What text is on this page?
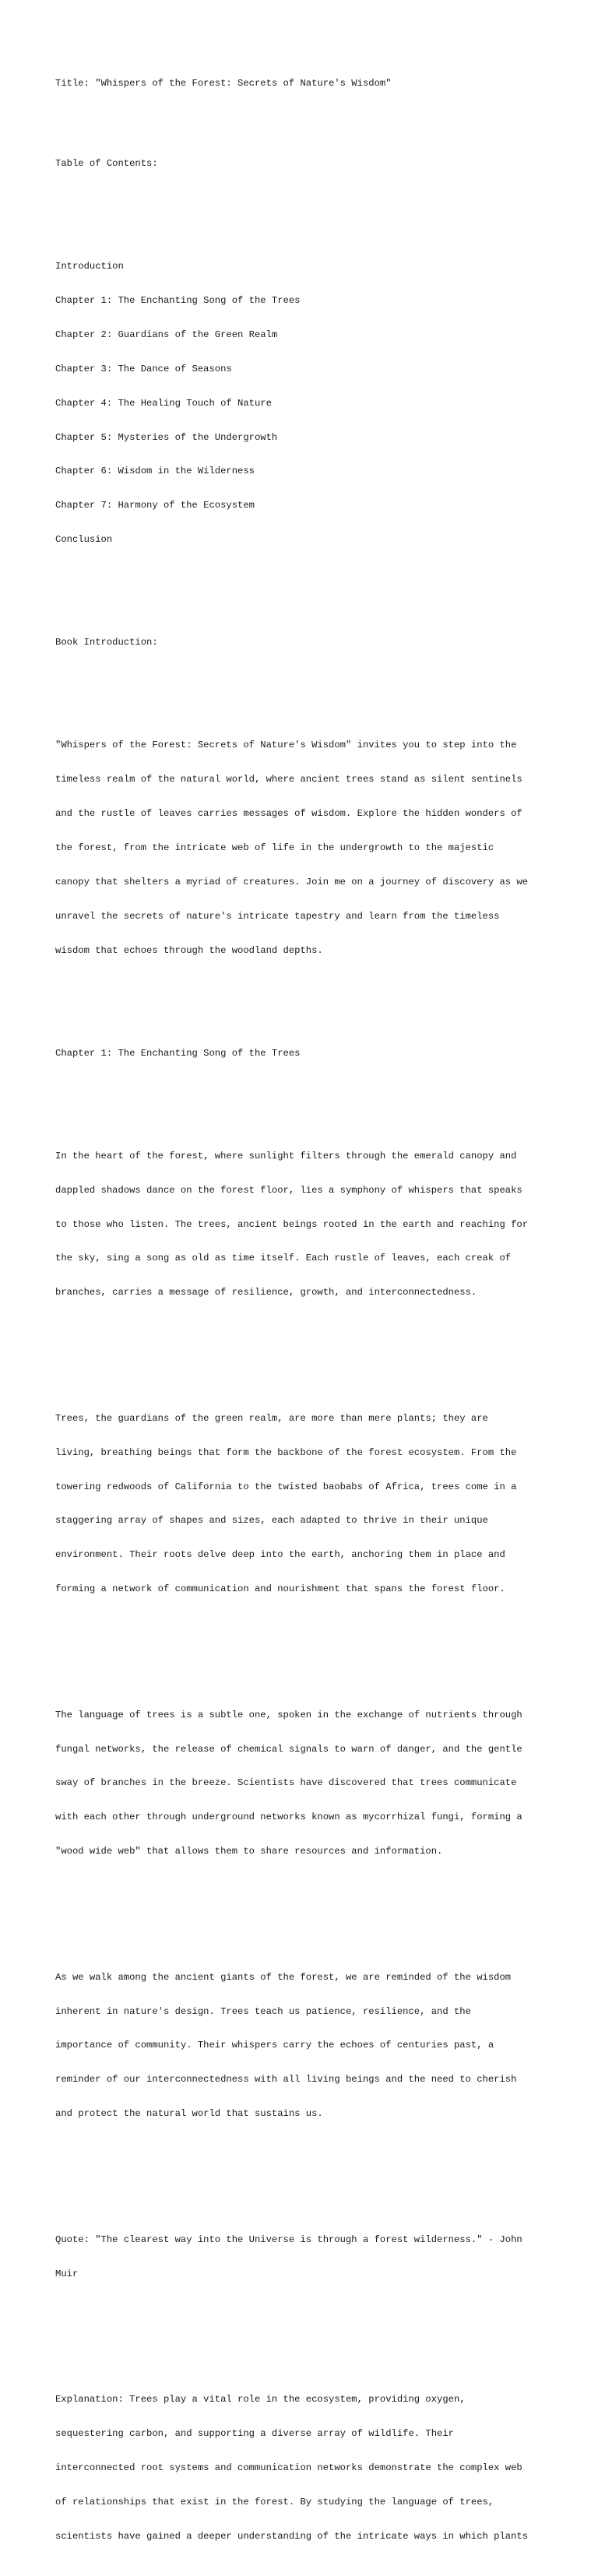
Title: "Whispers of the Forest: Secrets of Nature's Wisdom"

Table of Contents:

Introduction

Chapter 1: The Enchanting Song of the Trees

Chapter 2: Guardians of the Green Realm

Chapter 3: The Dance of Seasons

Chapter 4: The Healing Touch of Nature

Chapter 5: Mysteries of the Undergrowth

Chapter 6: Wisdom in the Wilderness

Chapter 7: Harmony of the Ecosystem

Conclusion

Book Introduction:

"Whispers of the Forest: Secrets of Nature's Wisdom" invites you to step into the

timeless realm of the natural world, where ancient trees stand as silent sentinels

and the rustle of leaves carries messages of wisdom. Explore the hidden wonders of

the forest, from the intricate web of life in the undergrowth to the majestic

canopy that shelters a myriad of creatures. Join me on a journey of discovery as we

unravel the secrets of nature's intricate tapestry and learn from the timeless

wisdom that echoes through the woodland depths.

Chapter 1: The Enchanting Song of the Trees

In the heart of the forest, where sunlight filters through the emerald canopy and

dappled shadows dance on the forest floor, lies a symphony of whispers that speaks

to those who listen. The trees, ancient beings rooted in the earth and reaching for

the sky, sing a song as old as time itself. Each rustle of leaves, each creak of

branches, carries a message of resilience, growth, and interconnectedness.

Trees, the guardians of the green realm, are more than mere plants; they are

living, breathing beings that form the backbone of the forest ecosystem. From the

towering redwoods of California to the twisted baobabs of Africa, trees come in a

staggering array of shapes and sizes, each adapted to thrive in their unique

environment. Their roots delve deep into the earth, anchoring them in place and

forming a network of communication and nourishment that spans the forest floor.

The language of trees is a subtle one, spoken in the exchange of nutrients through

fungal networks, the release of chemical signals to warn of danger, and the gentle

sway of branches in the breeze. Scientists have discovered that trees communicate

with each other through underground networks known as mycorrhizal fungi, forming a

"wood wide web" that allows them to share resources and information.

As we walk among the ancient giants of the forest, we are reminded of the wisdom

inherent in nature's design. Trees teach us patience, resilience, and the

importance of community. Their whispers carry the echoes of centuries past, a

reminder of our interconnectedness with all living beings and the need to cherish

and protect the natural world that sustains us.

Quote: "The clearest way into the Universe is through a forest wilderness." - John

Muir

Explanation: Trees play a vital role in the ecosystem, providing oxygen,

sequestering carbon, and supporting a diverse array of wildlife. Their

interconnected root systems and communication networks demonstrate the complex web

of relationships that exist in the forest. By studying the language of trees,

scientists have gained a deeper understanding of the intricate ways in which plants
